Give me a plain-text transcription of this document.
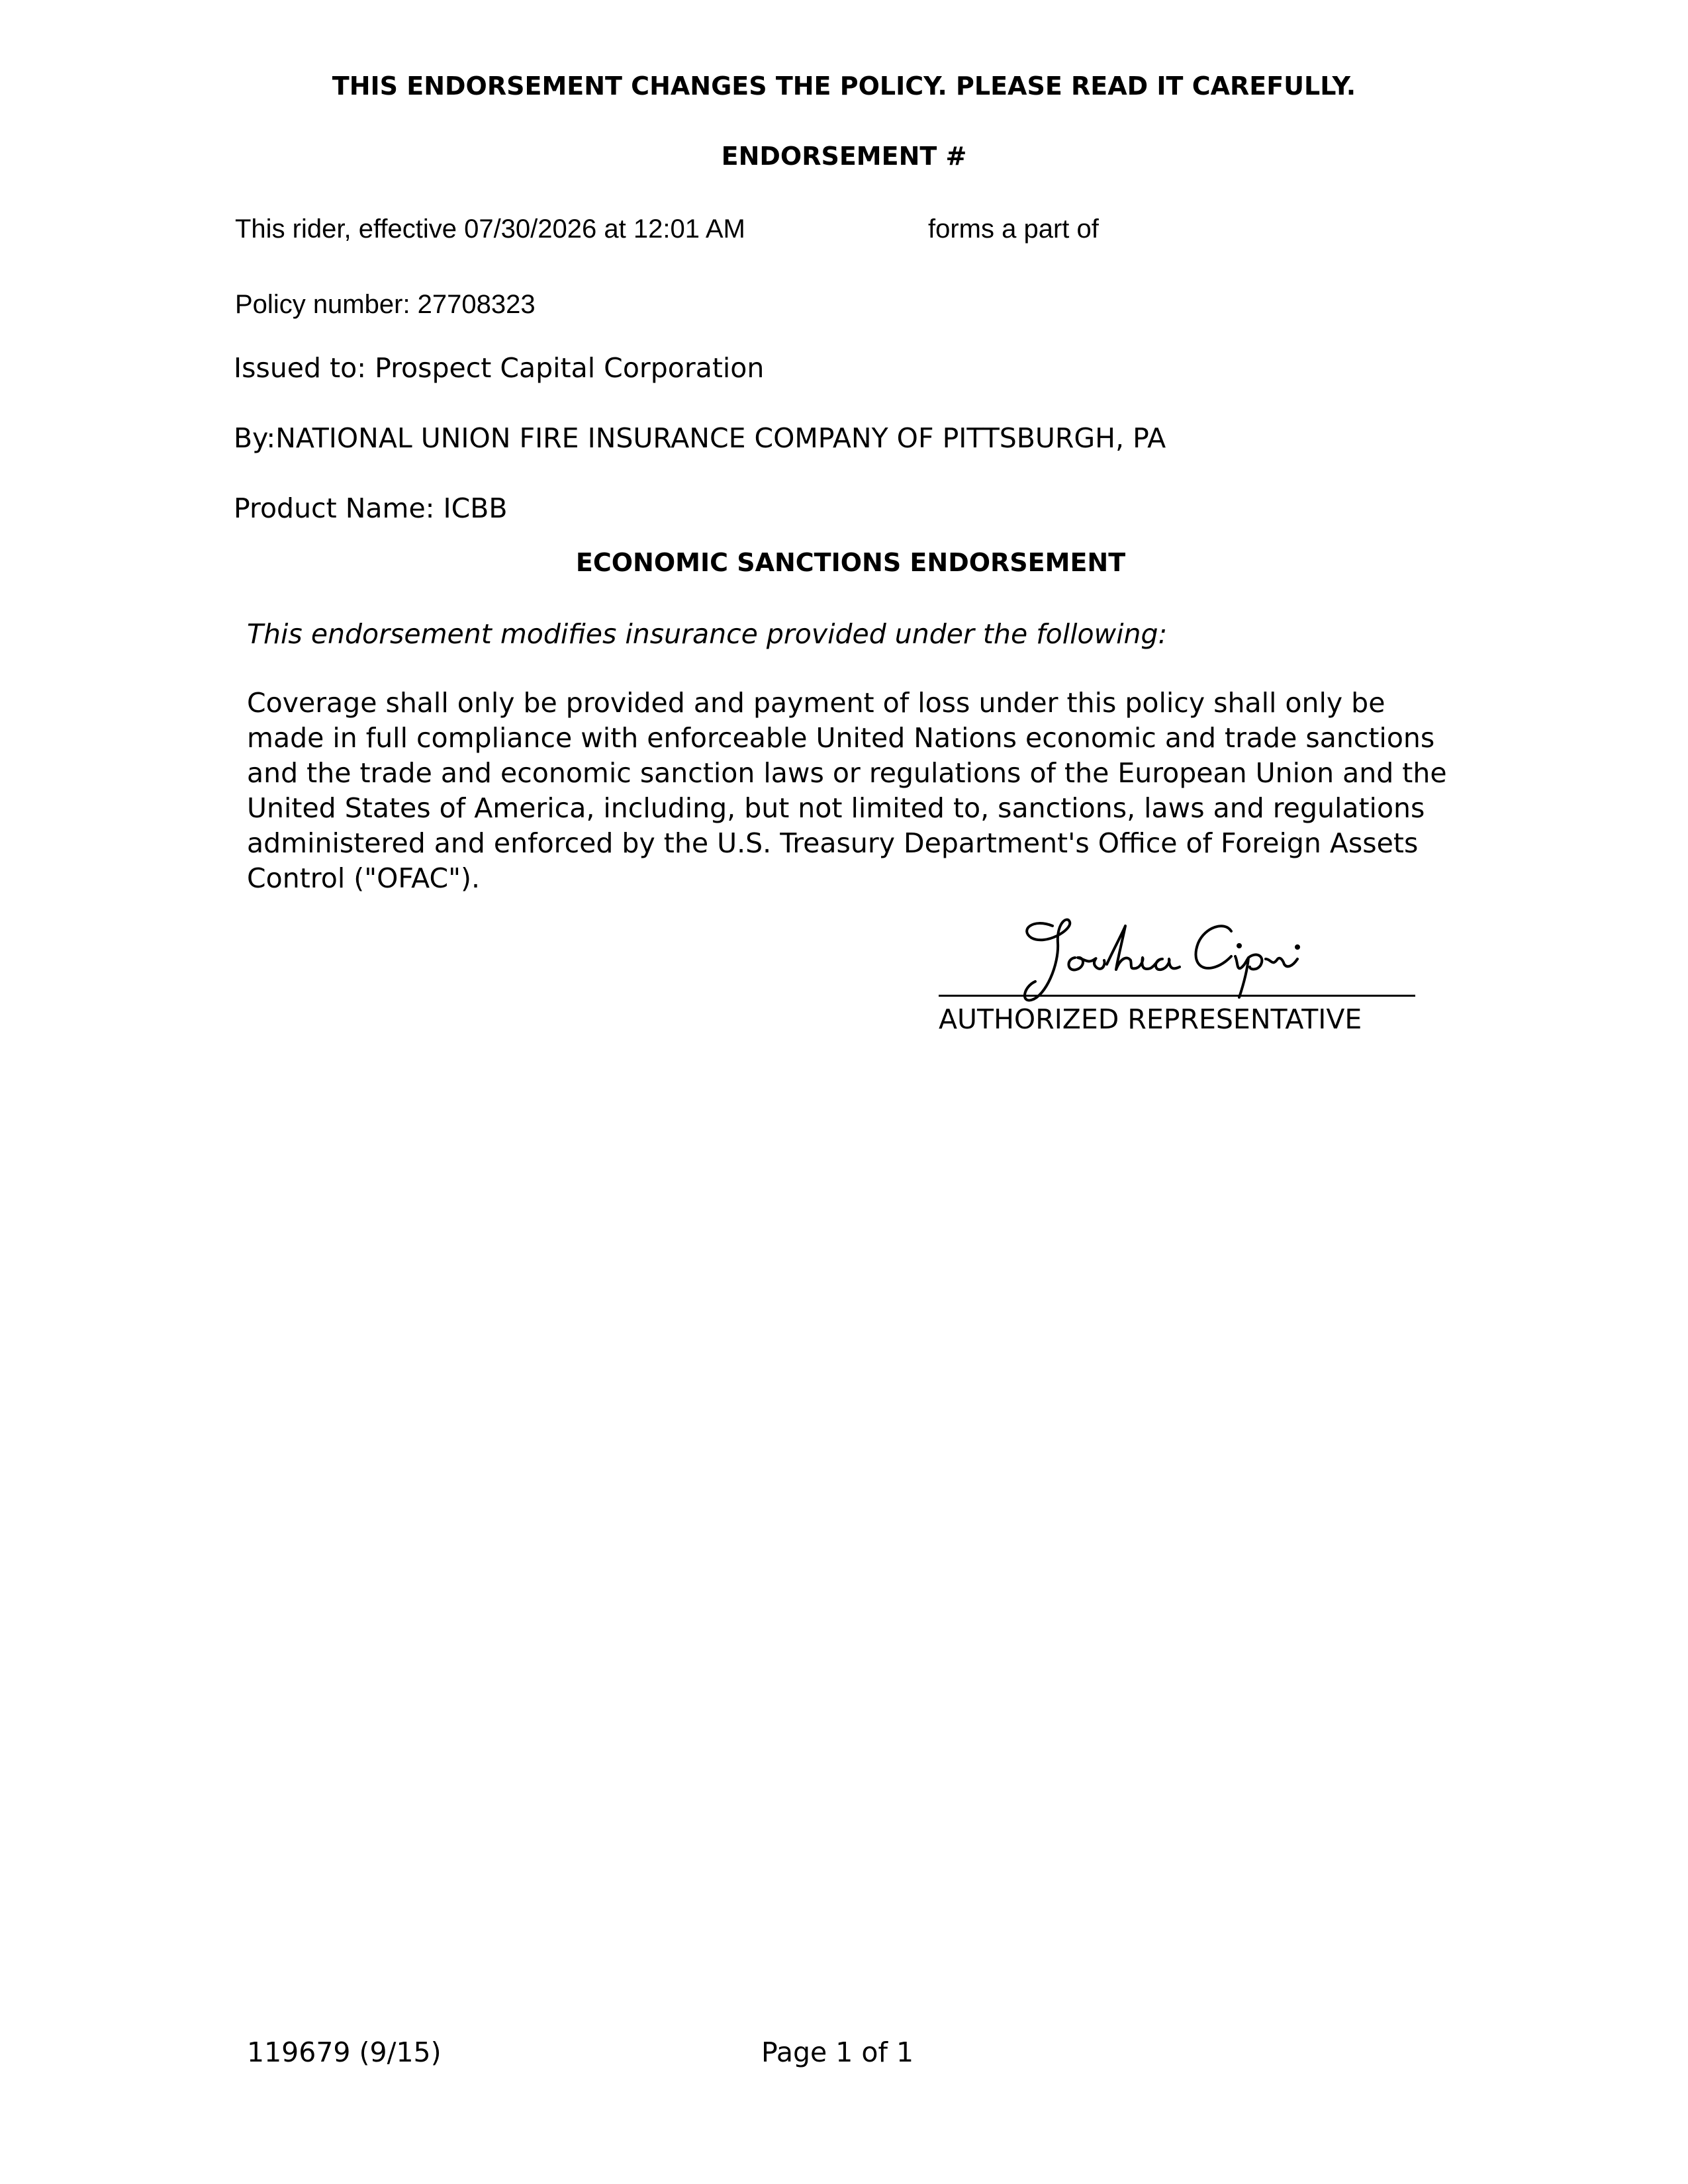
THIS ENDORSEMENT CHANGES THE POLICY. PLEASE READ IT CAREFULLY.
ENDORSEMENT #
This rider, effective 07/30/2026 at 12:01 AM	forms a part of
Policy number: 27708323
Issued to: Prospect Capital Corporation
By:NATIONAL UNION FIRE INSURANCE COMPANY OF PITTSBURGH, PA
Product Name: ICBB
ECONOMIC SANCTIONS ENDORSEMENT
This endorsement modifies insurance provided under the following:
Coverage shall only be provided and payment of loss under this policy shall only be made in full compliance with enforceable United Nations economic and trade sanctions and the trade and economic sanction laws or regulations of the European Union and the United States of America, including, but not limited to, sanctions, laws and regulations administered and enforced by the U.S. Treasury Department's Office of Foreign Assets Control ("OFAC").
AUTHORIZED REPRESENTATIVE
119679 (9/15)	Page 1 of 1
